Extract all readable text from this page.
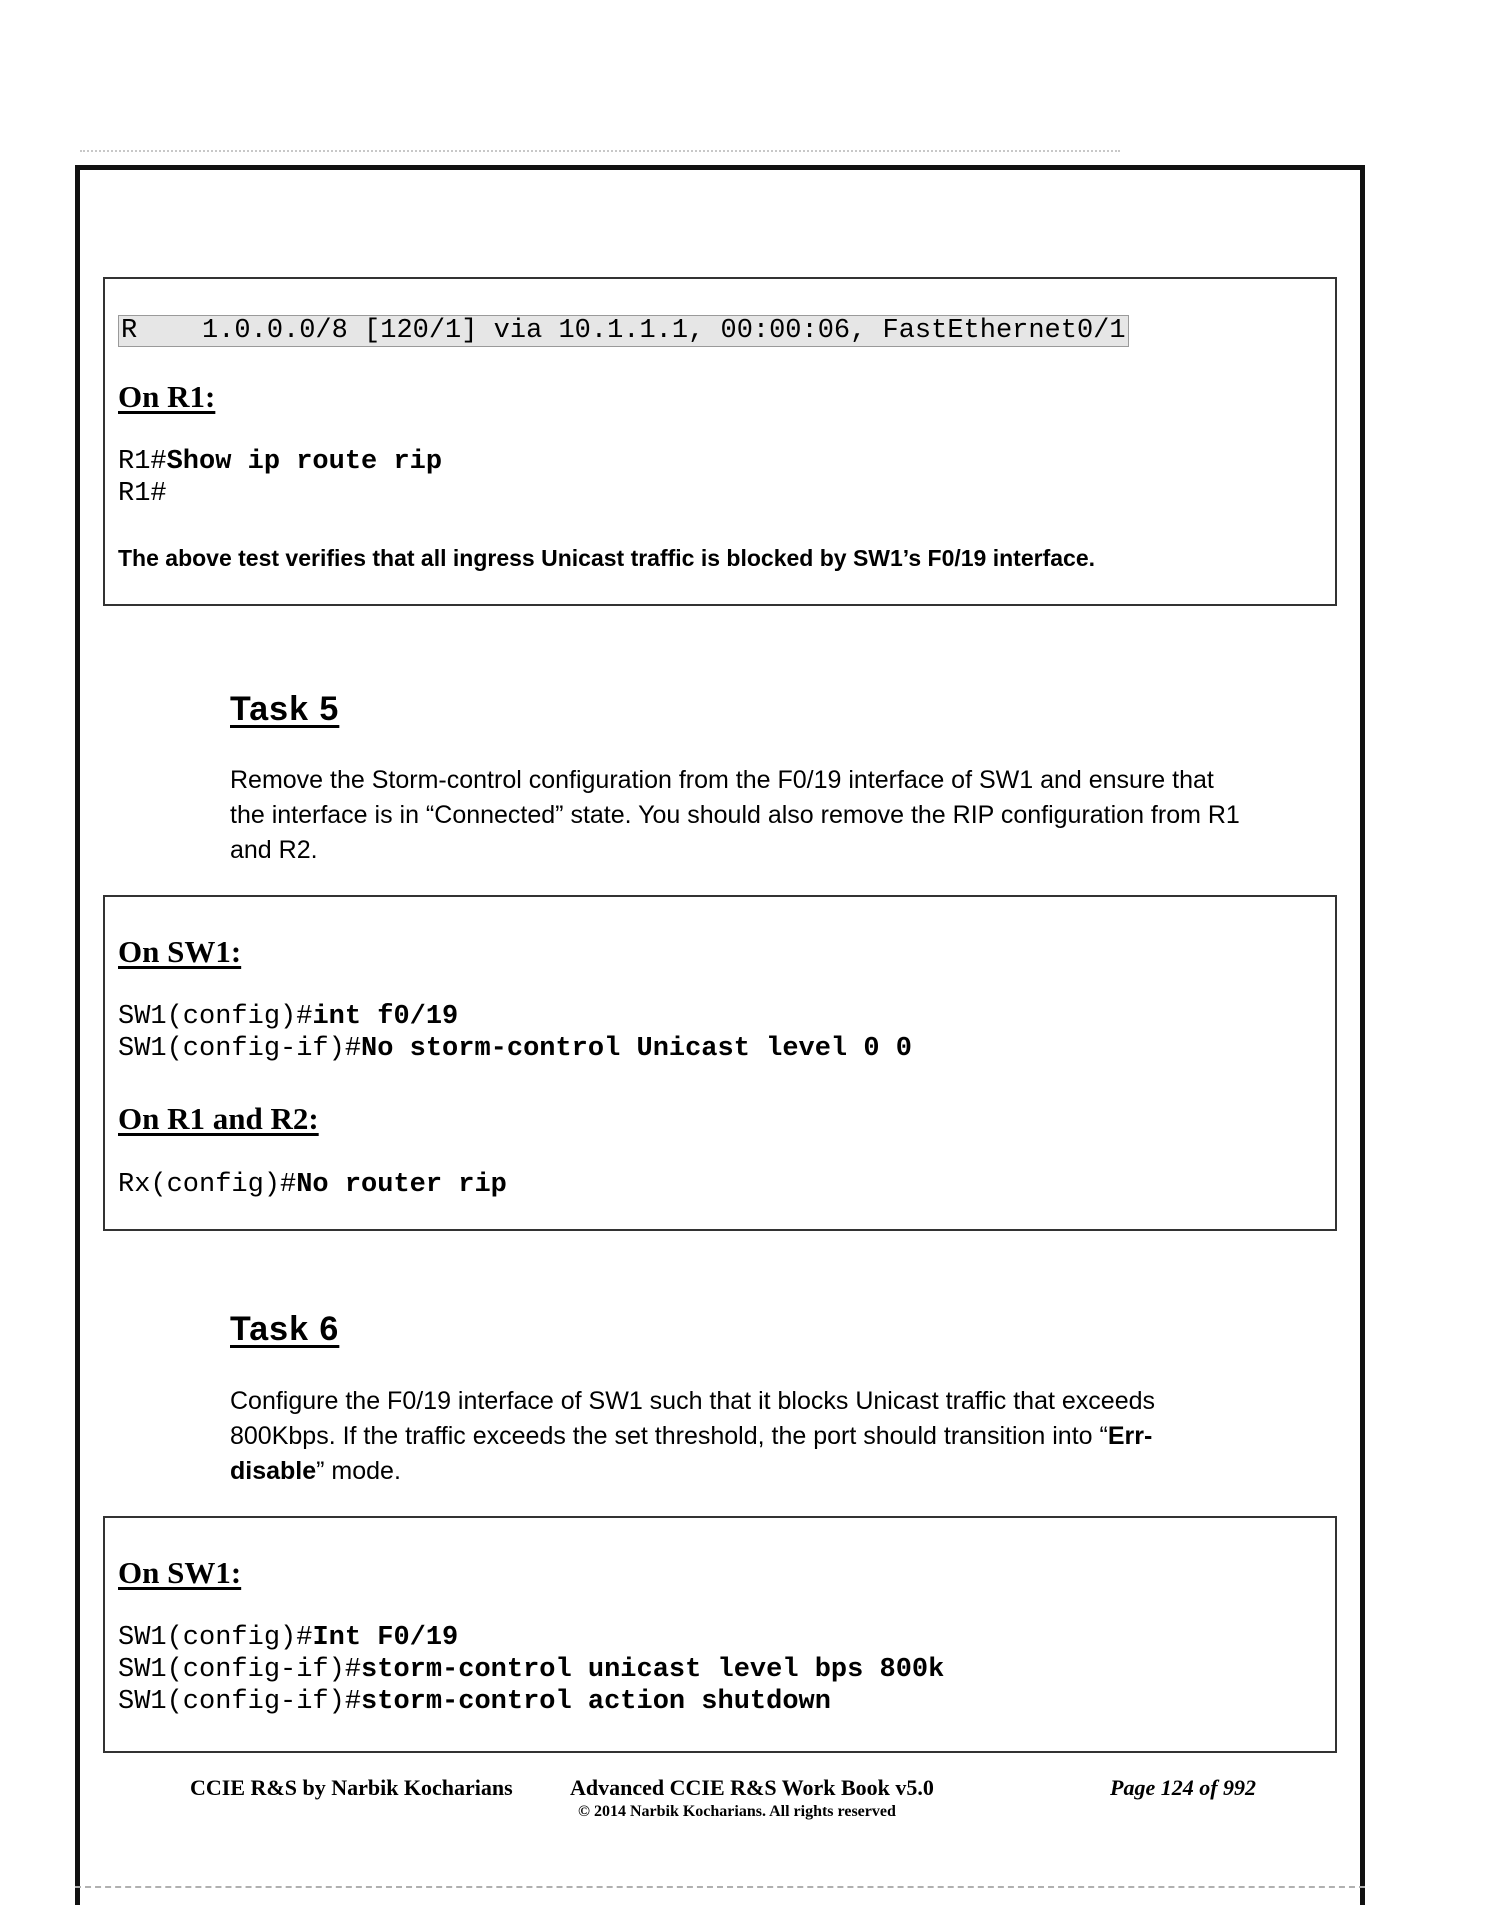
R    1.0.0.0/8 [120/1] via 10.1.1.1, 00:00:06, FastEthernet0/1
On R1:
R1#Show ip route rip
R1#
The above test verifies that all ingress Unicast traffic is blocked by SW1’s F0/19 interface.
Task 5
Remove the Storm-control configuration from the F0/19 interface of SW1 and ensure that the interface is in “Connected” state. You should also remove the RIP configuration from R1 and R2.
On SW1:
SW1(config)#int f0/19
SW1(config-if)#No storm-control Unicast level 0 0
On R1 and R2:
Rx(config)#No router rip
Task 6
Configure the F0/19 interface of SW1 such that it blocks Unicast traffic that exceeds 800Kbps. If the traffic exceeds the set threshold, the port should transition into “Err-disable” mode.
On SW1:
SW1(config)#Int F0/19
SW1(config-if)#storm-control unicast level bps 800k
SW1(config-if)#storm-control action shutdown
CCIE R&S by Narbik Kocharians	Advanced CCIE R&S Work Book v5.0
© 2014 Narbik Kocharians. All rights reserved
Page 124 of 992
